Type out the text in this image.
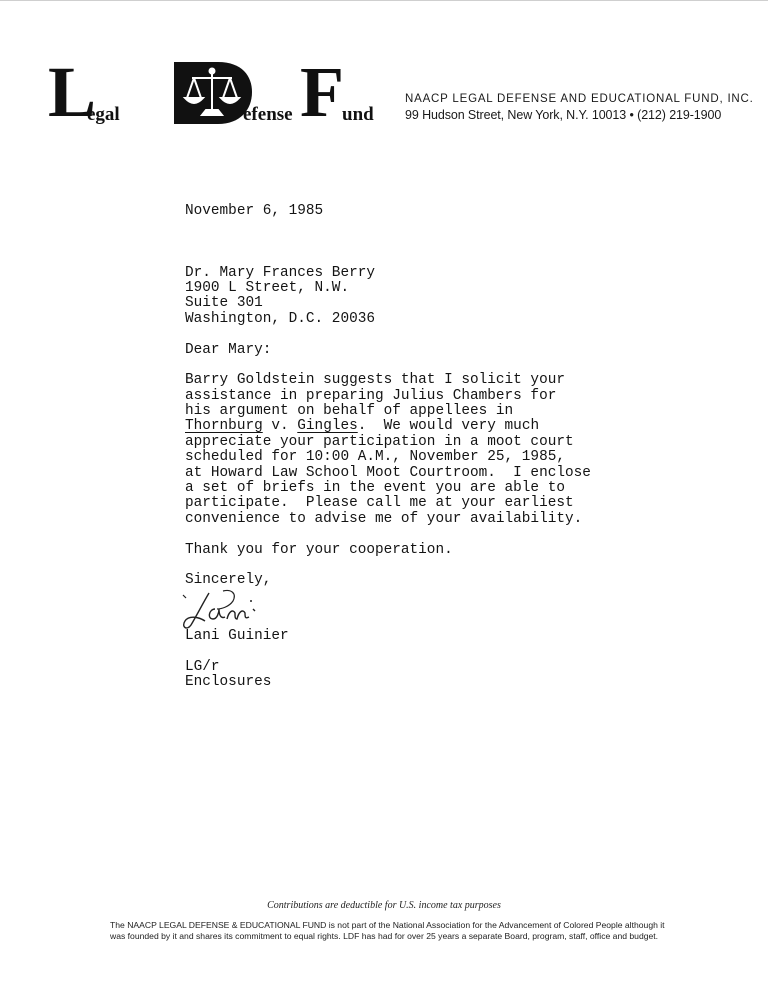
L
egal	efense F
und
NAACP LEGAL DEFENSE AND EDUCATIONAL FUND, INC.
99 Hudson Street, New York, N.Y. 10013 • (212) 219-1900
November 6, 1985
Dr. Mary Frances Berry
1900 L Street, N.W.
Suite 301
Washington, D.C. 20036
Dear Mary:
Barry Goldstein suggests that I solicit your
assistance in preparing Julius Chambers for
his argument on behalf of appellees in
Thornburg v. Gingles.  We would very much
appreciate your participation in a moot court
scheduled for 10:00 A.M., November 25, 1985,
at Howard Law School Moot Courtroom.  I enclose
a set of briefs in the event you are able to
participate.  Please call me at your earliest
convenience to advise me of your availability.
Thank you for your cooperation.
Sincerely,
Lani Guinier
LG/r
Enclosures
Contributions are deductible for U.S. income tax purposes
The NAACP LEGAL DEFENSE & EDUCATIONAL FUND is not part of the National Association for the Advancement of Colored People although it
was founded by it and shares its commitment to equal rights. LDF has had for over 25 years a separate Board, program, staff, office and budget.
